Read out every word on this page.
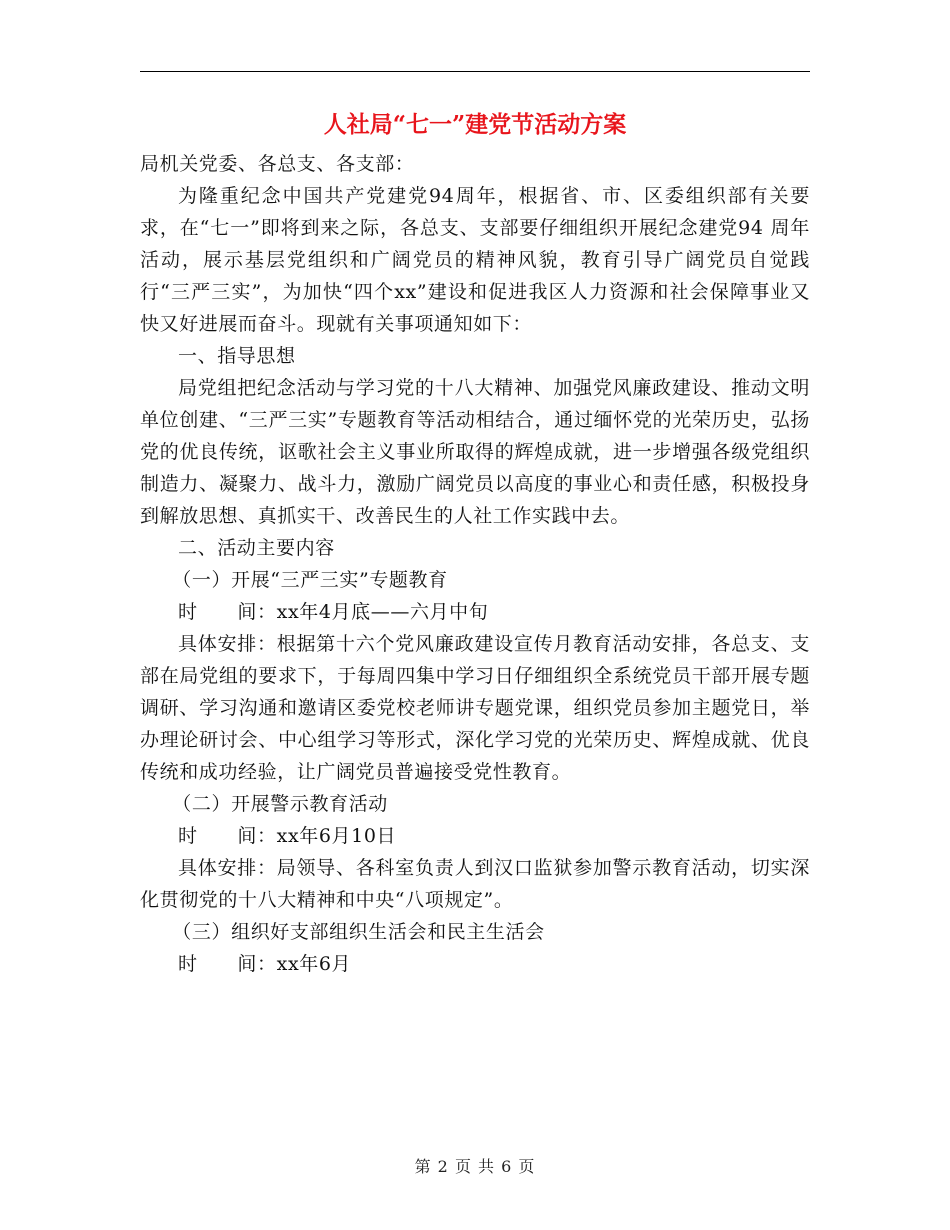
人社局“七一”建党节活动方案

局机关党委、各总支、各支部：

为隆重纪念中国共产党建党94周年，根据省、市、区委组织部有关要求，在“七一”即将到来之际，各总支、支部要仔细组织开展纪念建党94 周年活动，展示基层党组织和广阔党员的精神风貌，教育引导广阔党员自觉践行“三严三实”，为加快“四个xx”建设和促进我区人力资源和社会保障事业又快又好进展而奋斗。现就有关事项通知如下：

一、指导思想

局党组把纪念活动与学习党的十八大精神、加强党风廉政建设、推动文明单位创建、“三严三实”专题教育等活动相结合，通过缅怀党的光荣历史，弘扬党的优良传统，讴歌社会主义事业所取得的辉煌成就，进一步增强各级党组织制造力、凝聚力、战斗力，激励广阔党员以高度的事业心和责任感，积极投身到解放思想、真抓实干、改善民生的人社工作实践中去。

二、活动主要内容

（一）开展“三严三实”专题教育

时      间：xx年4月底——六月中旬

具体安排：根据第十六个党风廉政建设宣传月教育活动安排，各总支、支部在局党组的要求下，于每周四集中学习日仔细组织全系统党员干部开展专题调研、学习沟通和邀请区委党校老师讲专题党课，组织党员参加主题党日，举办理论研讨会、中心组学习等形式，深化学习党的光荣历史、辉煌成就、优良传统和成功经验，让广阔党员普遍接受党性教育。

（二）开展警示教育活动

时      间：xx年6月10日

具体安排：局领导、各科室负责人到汉口监狱参加警示教育活动，切实深化贯彻党的十八大精神和中央“八项规定”。

（三）组织好支部组织生活会和民主生活会

时      间：xx年6月

第 2 页 共 6 页
